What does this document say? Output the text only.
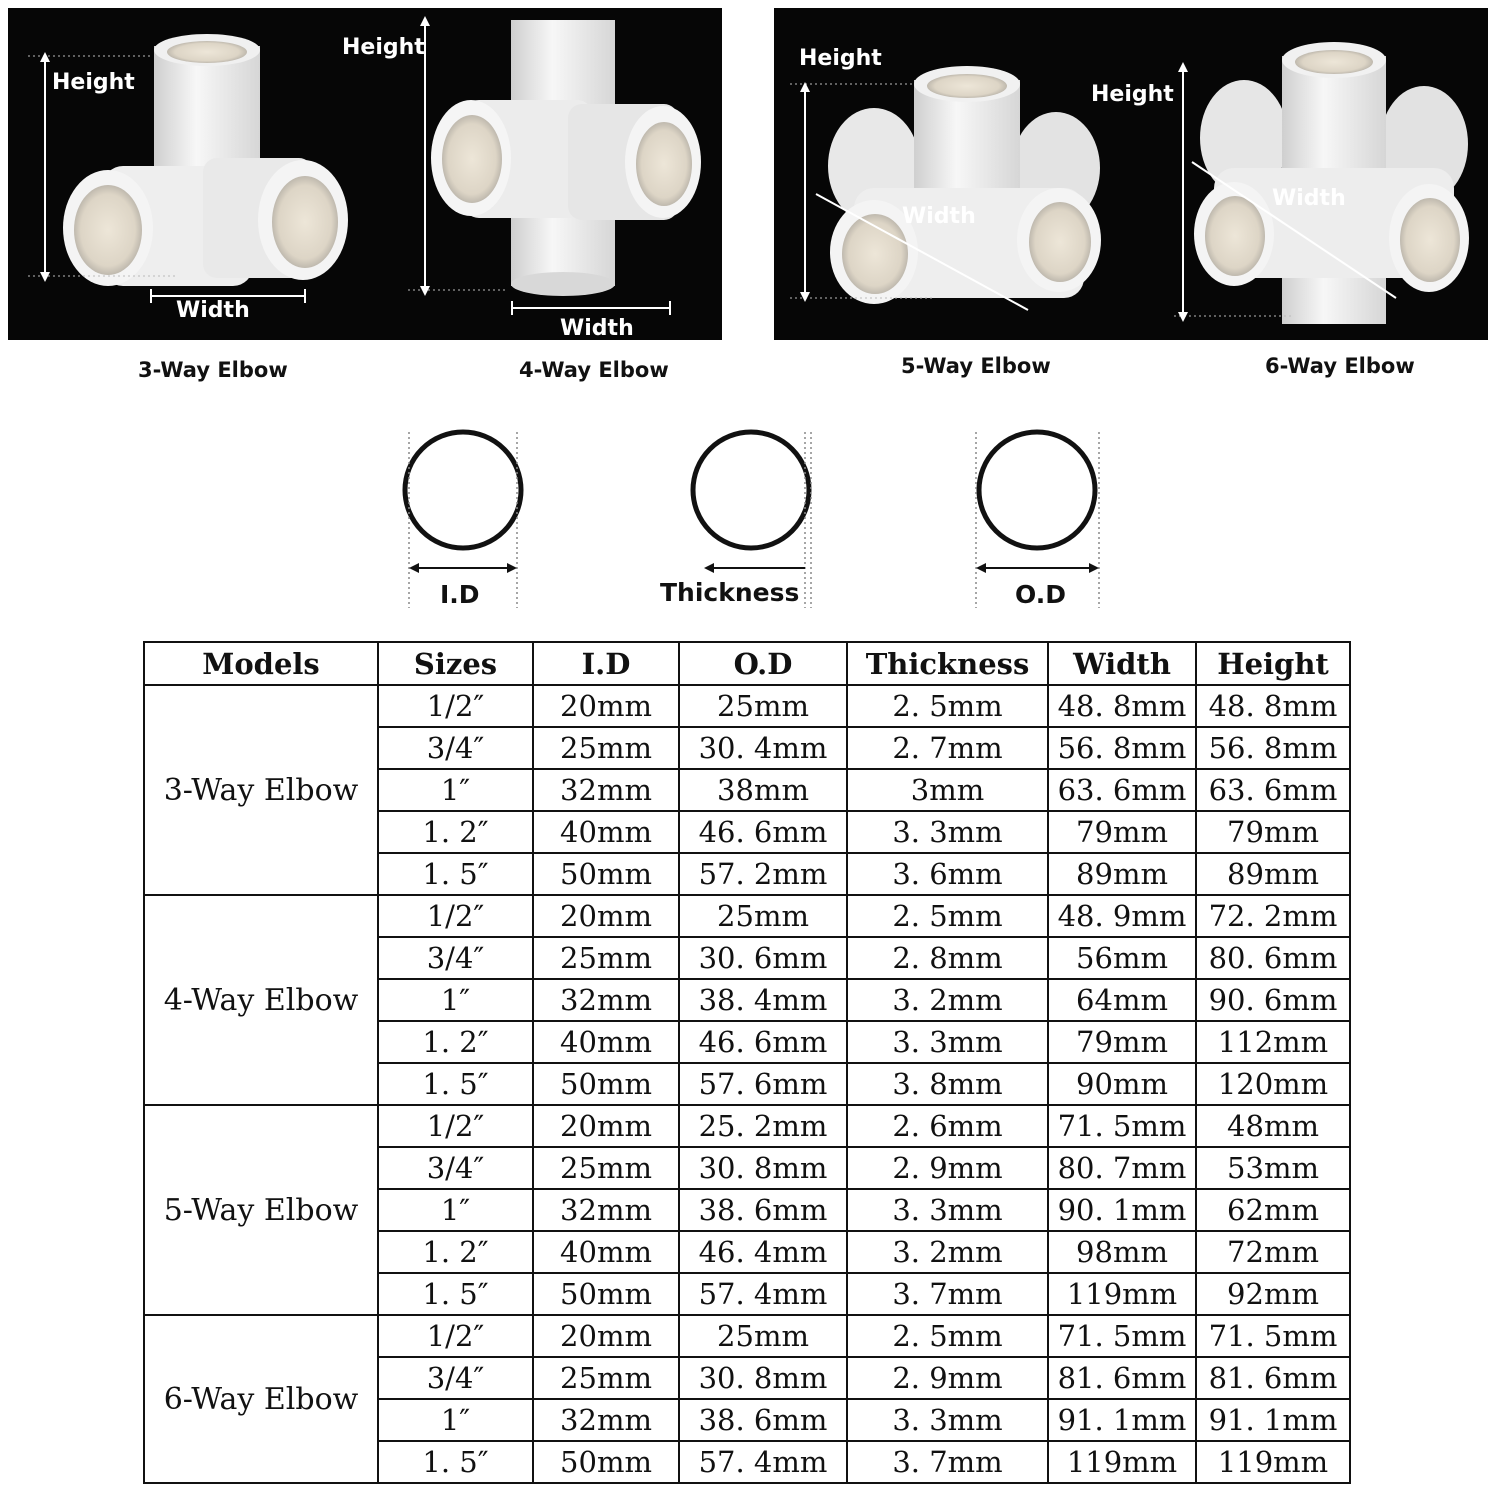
Height
Width
Height
Width
Height
Width
Height
Width
3-Way Elbow	4-Way Elbow	5-Way Elbow	6-Way Elbow
I.D	Thickness	O.D
Models	Sizes	I.D	O.D	Thickness	Width	Height
3-Way Elbow	1/2″	20mm	25mm	2. 5mm	48. 8mm	48. 8mm
	3/4″	25mm	30. 4mm	2. 7mm	56. 8mm	56. 8mm
	1″	32mm	38mm	3mm	63. 6mm	63. 6mm
	1. 2″	40mm	46. 6mm	3. 3mm	79mm	79mm
	1. 5″	50mm	57. 2mm	3. 6mm	89mm	89mm
4-Way Elbow	1/2″	20mm	25mm	2. 5mm	48. 9mm	72. 2mm
	3/4″	25mm	30. 6mm	2. 8mm	56mm	80. 6mm
	1″	32mm	38. 4mm	3. 2mm	64mm	90. 6mm
	1. 2″	40mm	46. 6mm	3. 3mm	79mm	112mm
	1. 5″	50mm	57. 6mm	3. 8mm	90mm	120mm
5-Way Elbow	1/2″	20mm	25. 2mm	2. 6mm	71. 5mm	48mm
	3/4″	25mm	30. 8mm	2. 9mm	80. 7mm	53mm
	1″	32mm	38. 6mm	3. 3mm	90. 1mm	62mm
	1. 2″	40mm	46. 4mm	3. 2mm	98mm	72mm
	1. 5″	50mm	57. 4mm	3. 7mm	119mm	92mm
6-Way Elbow	1/2″	20mm	25mm	2. 5mm	71. 5mm	71. 5mm
	3/4″	25mm	30. 8mm	2. 9mm	81. 6mm	81. 6mm
	1″	32mm	38. 6mm	3. 3mm	91. 1mm	91. 1mm
	1. 5″	50mm	57. 4mm	3. 7mm	119mm	119mm
